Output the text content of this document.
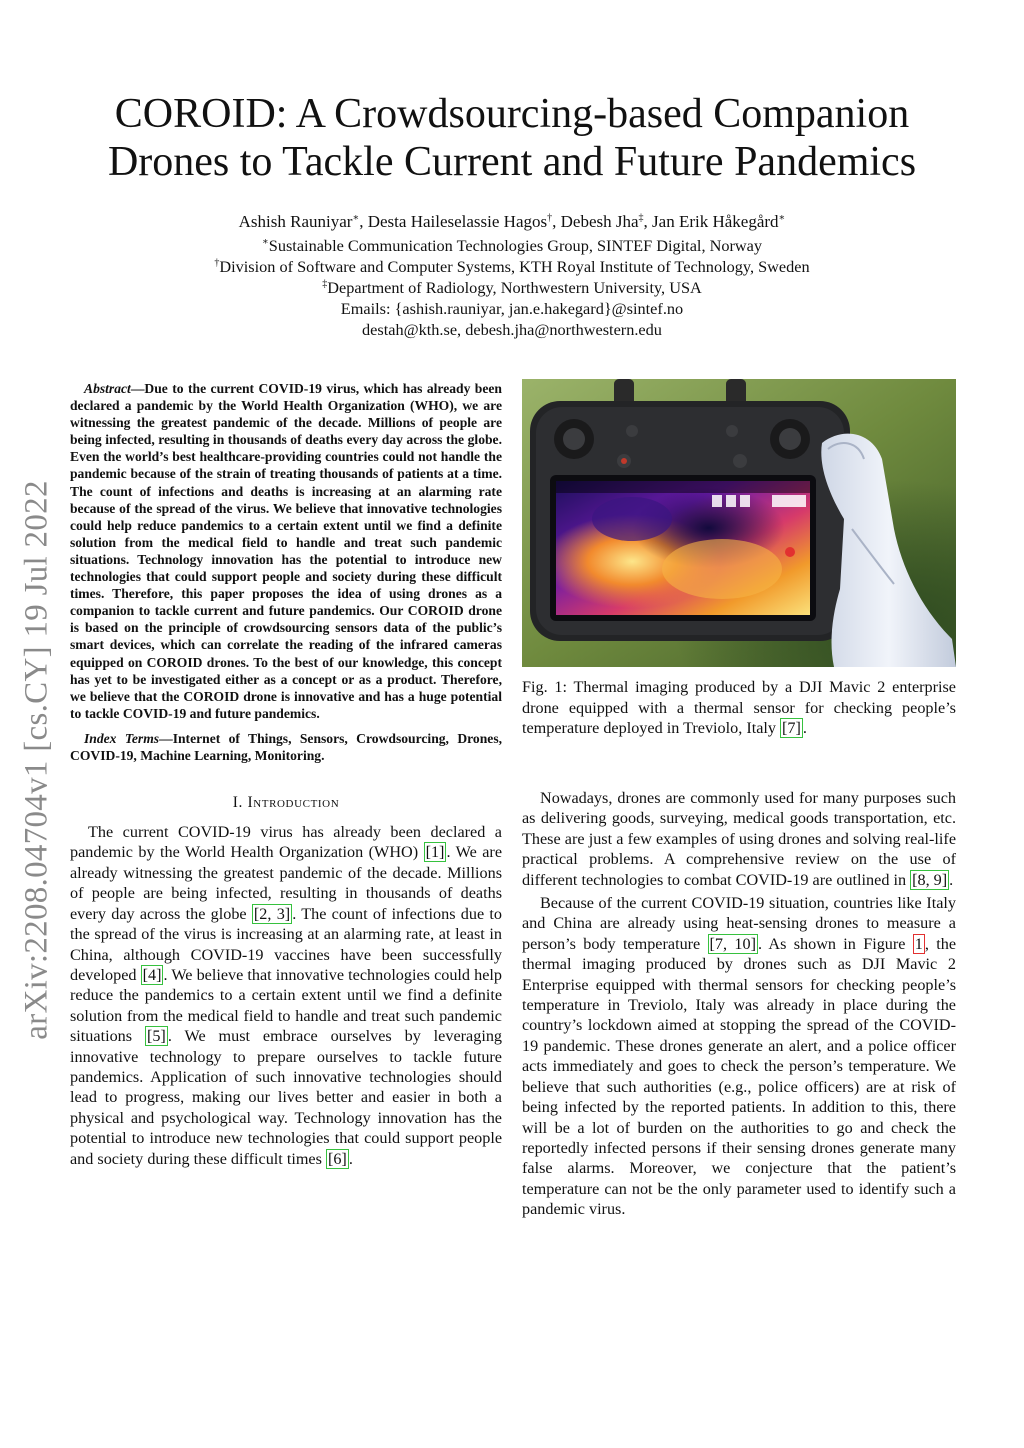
arXiv:2208.04704v1 [cs.CY] 19 Jul 2022
COROID: A Crowdsourcing-based Companion
Drones to Tackle Current and Future Pandemics
Ashish Rauniyar∗, Desta Haileselassie Hagos†, Debesh Jha‡, Jan Erik Håkegård∗
∗Sustainable Communication Technologies Group, SINTEF Digital, Norway
†Division of Software and Computer Systems, KTH Royal Institute of Technology, Sweden
‡Department of Radiology, Northwestern University, USA
Emails: {ashish.rauniyar, jan.e.hakegard}@sintef.no
destah@kth.se, debesh.jha@northwestern.edu

Abstract—Due to the current COVID-19 virus, which has already been declared a pandemic by the World Health Organization (WHO), we are witnessing the greatest pandemic of the decade. Millions of people are being infected, resulting in thousands of deaths every day across the globe. Even the world’s best healthcare-providing countries could not handle the pandemic because of the strain of treating thousands of patients at a time. The count of infections and deaths is increasing at an alarming rate because of the spread of the virus. We believe that innovative technologies could help reduce pandemics to a certain extent until we find a definite solution from the medical field to handle and treat such pandemic situations. Technology innovation has the potential to introduce new technologies that could support people and society during these difficult times. Therefore, this paper proposes the idea of using drones as a companion to tackle current and future pandemics. Our COROID drone is based on the principle of crowdsourcing sensors data of the public’s smart devices, which can correlate the reading of the infrared cameras equipped on COROID drones. To the best of our knowledge, this concept has yet to be investigated either as a concept or as a product. Therefore, we believe that the COROID drone is innovative and has a huge potential to tackle COVID-19 and future pandemics.

Index Terms—Internet of Things, Sensors, Crowdsourcing, Drones, COVID-19, Machine Learning, Monitoring.

I. Introduction

The current COVID-19 virus has already been declared a pandemic by the World Health Organization (WHO) [1] . We are already witnessing the greatest pandemic of the decade. Millions of people are being infected, resulting in thousands of deaths every day across the globe [2, 3] . The count of infections due to the spread of the virus is increasing at an alarming rate, at least in China, although COVID-19 vaccines have been successfully developed [4] . We believe that innovative technologies could help reduce the pandemics to a certain extent until we find a definite solution from the medical field to handle and treat such pandemic situations [5] . We must embrace ourselves by leveraging innovative technology to prepare ourselves to tackle future pandemics. Application of such innovative technologies should lead to progress, making our lives better and easier in both a physical and psychological way. Technology innovation has the potential to introduce new technologies that could support people and society during these difficult times [6] .

Fig. 1: Thermal imaging produced by a DJI Mavic 2 enterprise drone equipped with a thermal sensor for checking people’s temperature deployed in Treviolo, Italy [7] .

Nowadays, drones are commonly used for many purposes such as delivering goods, surveying, medical goods transportation, etc. These are just a few examples of using drones and solving real-life practical problems. A comprehensive review on the use of different technologies to combat COVID-19 are outlined in [8, 9] .

Because of the current COVID-19 situation, countries like Italy and China are already using heat-sensing drones to measure a person’s body temperature [7, 10] . As shown in Figure 1 , the thermal imaging produced by drones such as DJI Mavic 2 Enterprise equipped with thermal sensors for checking people’s temperature in Treviolo, Italy was already in place during the country’s lockdown aimed at stopping the spread of the COVID-19 pandemic. These drones generate an alert, and a police officer acts immediately and goes to check the person’s temperature. We believe that such authorities (e.g., police officers) are at risk of being infected by the reported patients. In addition to this, there will be a lot of burden on the authorities to go and check the reportedly infected persons if their sensing drones generate many false alarms. Moreover, we conjecture that the patient’s temperature can not be the only parameter used to identify such a pandemic virus.
